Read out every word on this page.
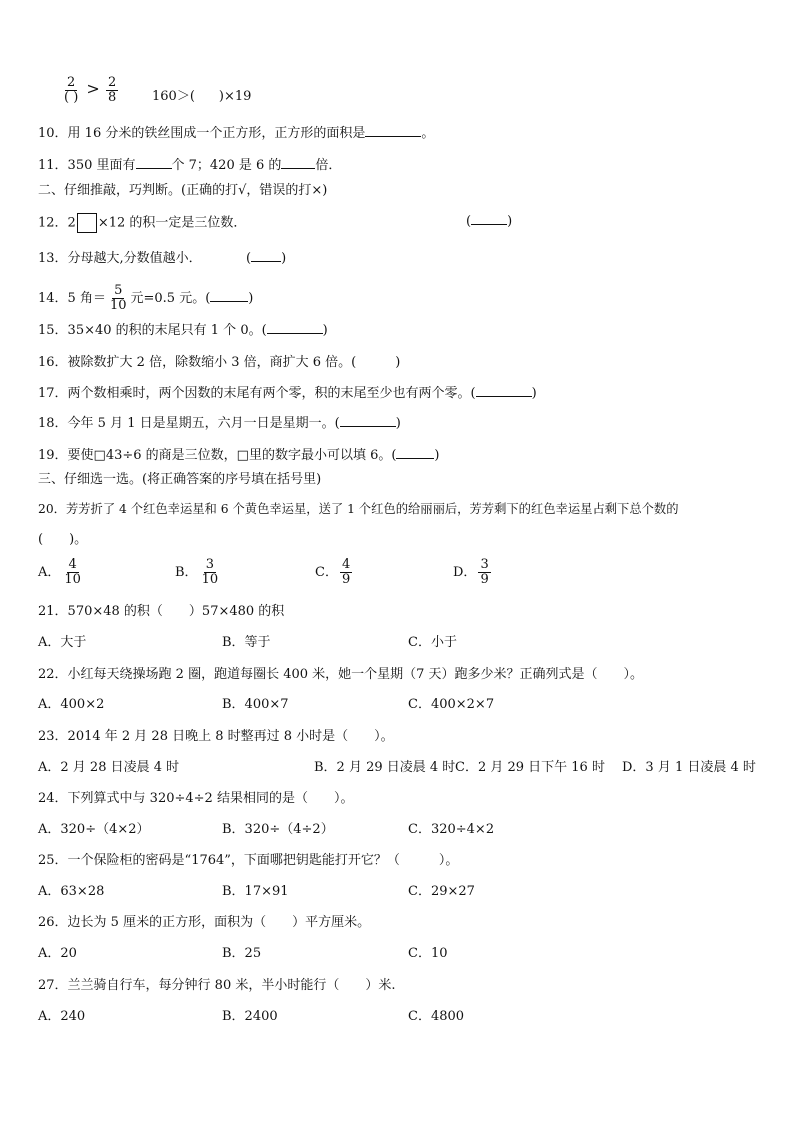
$\frac{2}{( )} > \frac{2}{8}$	160＞( )×19
10．用 16 分米的铁丝围成一个正方形，正方形的面积是	。
11．350 里面有	个 7；420 是 6 的	倍．
二、仔细推敲，巧判断。(正确的打√，错误的打×)
12．2 ×12 的积一定是三位数．	(	)
13．分母越大,分数值越小．	( )
14．5 角＝ $\frac{5}{10}$ 元=0.5 元。(	)
15．35×40 的积的末尾只有 1 个 0。(	)
16．被除数扩大 2 倍，除数缩小 3 倍，商扩大 6 倍。(　　　)
17．两个数相乘时，两个因数的末尾有两个零，积的末尾至少也有两个零。(	)
18．今年 5 月 1 日是星期五，六月一日是星期一。(	)
19．要使□43÷6 的商是三位数，□里的数字最小可以填 6。(	)
三、仔细选一选。(将正确答案的序号填在括号里)
20．芳芳折了 4 个红色幸运星和 6 个黄色幸运星，送了 1 个红色的给丽丽后，芳芳剩下的红色幸运星占剩下总个数的
(　　)。
A． $\frac{4}{10}$	B． $\frac{3}{10}$	C． $\frac{4}{9}$	D． $\frac{3}{9}$
21．570×48 的积（　　）57×480 的积
A．大于	B．等于	C．小于
22．小红每天绕操场跑 2 圈，跑道每圈长 400 米，她一个星期（7 天）跑多少米？正确列式是（　　）。
A．400×2	B．400×7	C．400×2×7
23．2014 年 2 月 28 日晚上 8 时整再过 8 小时是（　　）。
A．2 月 28 日凌晨 4 时	B．2 月 29 日凌晨 4 时 C．2 月 29 日下午 16 时 D．3 月 1 日凌晨 4 时
24．下列算式中与 320÷4÷2 结果相同的是（　　）。
A．320÷（4×2）	B．320÷（4÷2）	C．320÷4×2
25．一个保险柜的密码是“1764”，下面哪把钥匙能打开它？（　　　）。
A．63×28	B．17×91	C．29×27
26．边长为 5 厘米的正方形，面积为（　　）平方厘米。
A．20	B．25	C．10
27．兰兰骑自行车，每分钟行 80 米，半小时能行（　　）米.
A．240	B．2400	C．4800
